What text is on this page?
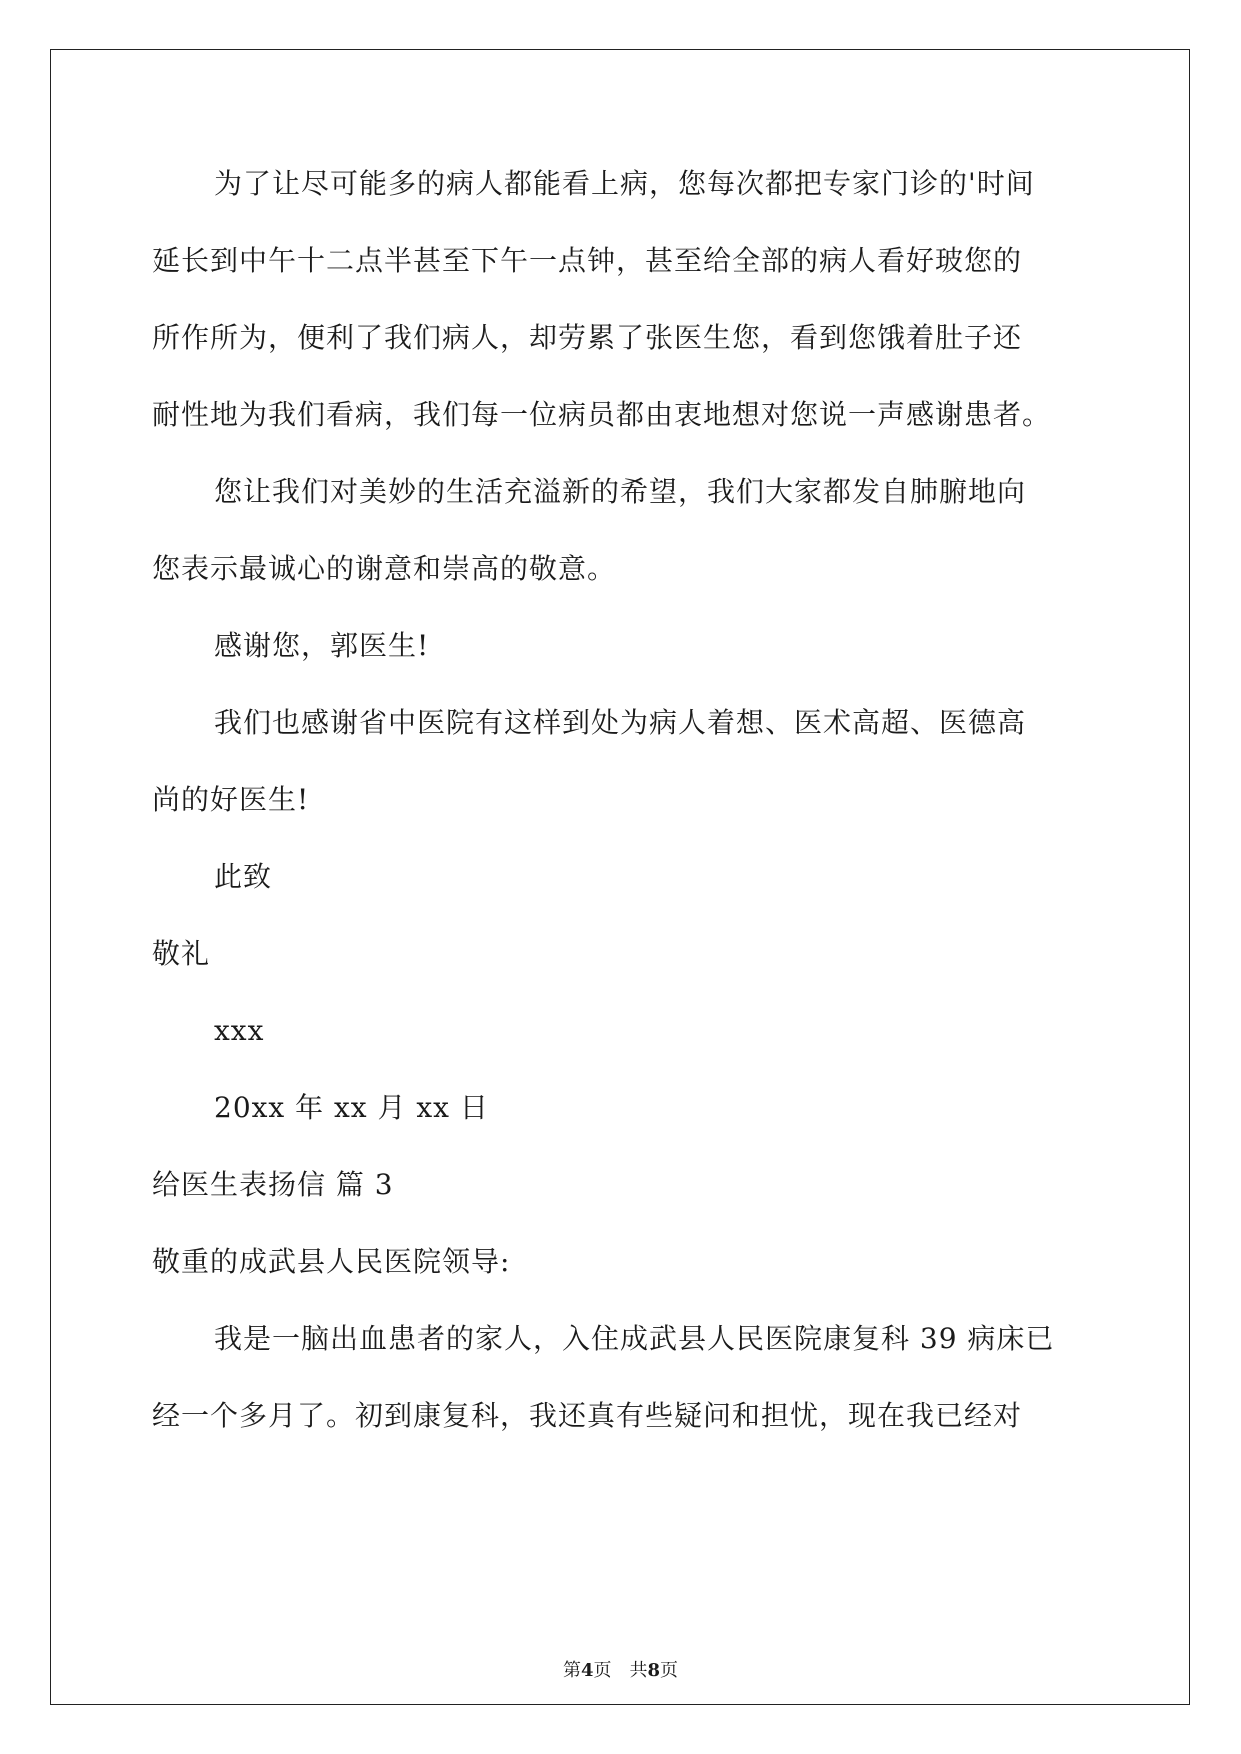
为了让尽可能多的病人都能看上病，您每次都把专家门诊的'时间
延长到中午十二点半甚至下午一点钟，甚至给全部的病人看好玻您的
所作所为，便利了我们病人，却劳累了张医生您，看到您饿着肚子还
耐性地为我们看病，我们每一位病员都由衷地想对您说一声感谢患者。
您让我们对美妙的生活充溢新的希望，我们大家都发自肺腑地向
您表示最诚心的谢意和崇高的敬意。
感谢您，郭医生!
我们也感谢省中医院有这样到处为病人着想、医术高超、医德高
尚的好医生!
此致
敬礼
xxx
20xx 年 xx 月 xx 日
给医生表扬信 篇 3
敬重的成武县人民医院领导:
我是一脑出血患者的家人，入住成武县人民医院康复科 39 病床已
经一个多月了。初到康复科，我还真有些疑问和担忧，现在我已经对
第4页 共8页
